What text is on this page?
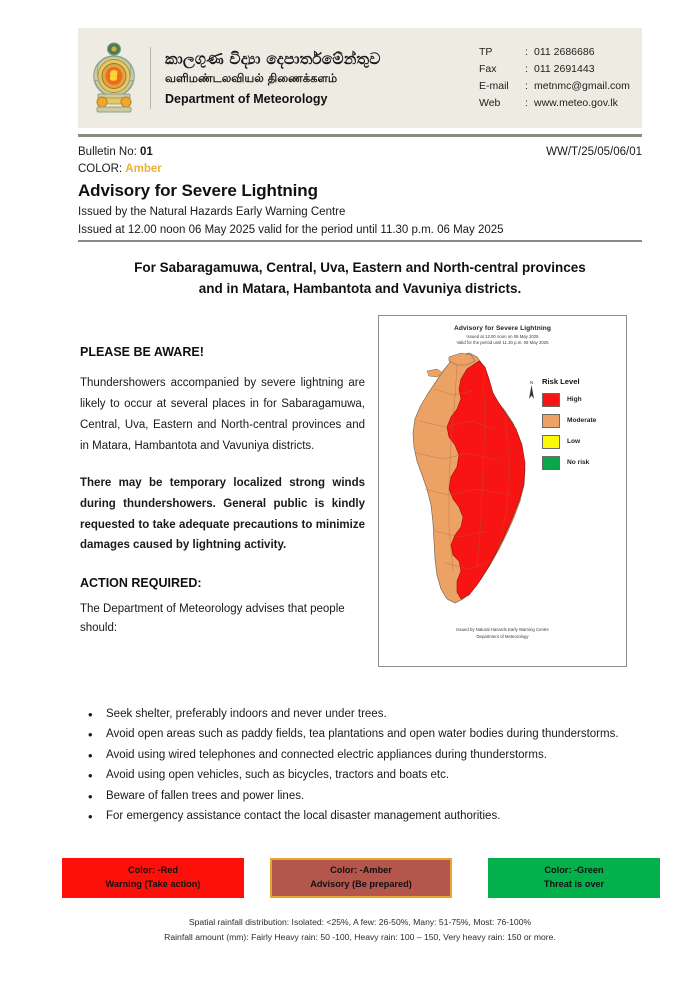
කාලගුණ විද්‍යා දෙපාර්තමේන්තුව
வளிமண்டலவியல் திணைக்களம்
Department of Meteorology
TP	: 011 2686686
Fax	: 011 2691443
E-mail	: metnmc@gmail.com
Web	: www.meteo.gov.lk
Bulletin No: 01	WW/T/25/05/06/01
COLOR: Amber
Advisory for Severe Lightning
Issued by the Natural Hazards Early Warning Centre
Issued at 12.00 noon 06 May 2025 valid for the period until 11.30 p.m. 06 May 2025
For Sabaragamuwa, Central, Uva, Eastern and North-central provinces
and in Matara, Hambantota and Vavuniya districts.
PLEASE BE AWARE!
Thundershowers accompanied by severe lightning are likely to occur at several places in for Sabaragamuwa, Central, Uva, Eastern and North-central provinces and in Matara, Hambantota and Vavuniya districts.
There may be temporary localized strong winds during thundershowers. General public is kindly requested to take adequate precautions to minimize damages caused by lightning activity.
ACTION REQUIRED:
The Department of Meteorology advises that people should:
Advisory for Severe Lightning
Issued at 12.00 noon on 06 May 2025
Valid for the period until 11.30 p.m. 06 May 2025
N	Risk Level
High
Moderate
Low
No risk
Issued by Natural Hazards Early Warning Centre
Department of Meteorology
• Seek shelter, preferably indoors and never under trees.
• Avoid open areas such as paddy fields, tea plantations and open water bodies during thunderstorms.
• Avoid using wired telephones and connected electric appliances during thunderstorms.
• Avoid using open vehicles, such as bicycles, tractors and boats etc.
• Beware of fallen trees and power lines.
• For emergency assistance contact the local disaster management authorities.
Color: -Red
Warning (Take action)
Color: -Amber
Advisory (Be prepared)
Color: -Green
Threat is over
Spatial rainfall distribution: Isolated: <25%, A few: 26-50%, Many: 51-75%, Most: 76-100%
Rainfall amount (mm): Fairly Heavy rain: 50 -100, Heavy rain: 100 – 150, Very heavy rain: 150 or more.
